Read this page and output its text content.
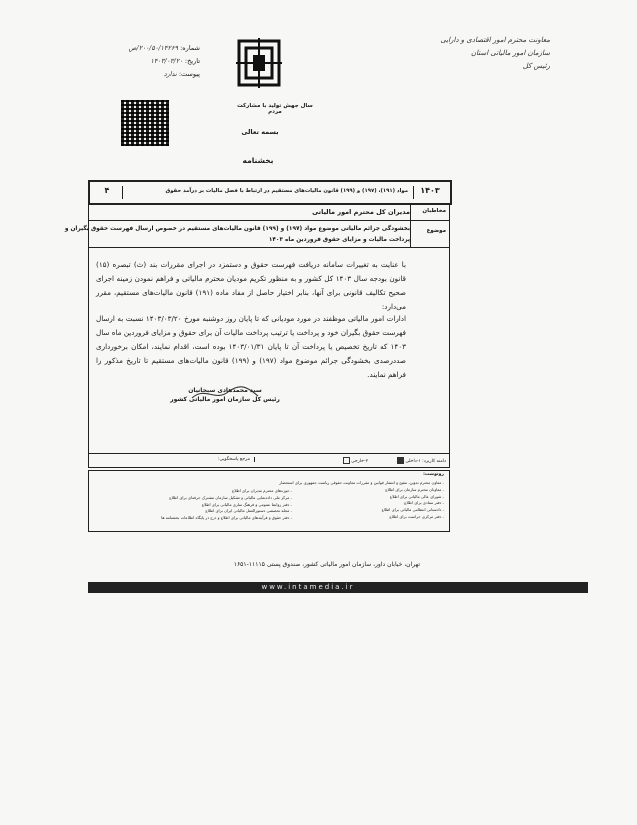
معاونت محترم امور اقتصادی و دارایی
سازمان امور مالیاتی استان
رئیس کل
شماره: ۲۰۰/۵۰/۱۴۲۶۹/ص
تاریخ: ۱۴۰۳/۰۳/۲۰
پیوست: ندارد
سال جهش تولید با مشارکت مردم
بسمه تعالی
بخشنامه
۱۴۰۳
مواد (۱۹۱)، (۱۹۷) و (۱۹۹) قانون مالیات‌های مستقیم در ارتباط با فصل مالیات بر درآمد حقوق
۴
مخاطبان
مدیران کل محترم امور مالیاتی
موضوع
بخشودگی جرائم مالیاتی موضوع مواد (۱۹۷) و (۱۹۹) قانون مالیات‌های مستقیم در خصوص ارسال فهرست حقوق بگیران و
پرداخت مالیات و مزایای حقوق فروردین ماه ۱۴۰۳
با عنایت به تغییرات سامانه دریافت فهرست حقوق و دستمزد در اجرای مقررات بند (ث) تبصره (۱۵) قانون بودجه سال ۱۴۰۳ کل کشور و به منظور تکریم مودیان محترم مالیاتی و فراهم نمودن زمینه اجرای صحیح تکالیف قانونی برای آنها، بنابر اختیار حاصل از مفاد ماده (۱۹۱) قانون مالیات‌های مستقیم، مقرر می‌دارد:
ادارات امور مالیاتی موظفند در مورد مودیانی که تا پایان روز دوشنبه مورخ ۱۴۰۳/۰۳/۲۰ نسبت به ارسال فهرست حقوق بگیران خود و پرداخت یا ترتیب پرداخت مالیات آن برای حقوق و مزایای فروردین ماه سال ۱۴۰۳ که تاریخ تخصیص یا پرداخت آن تا پایان ۱۴۰۳/۰۱/۳۱ بوده است، اقدام نمایند، امکان برخورداری صددرصدی بخشودگی جرائم موضوع مواد (۱۹۷) و (۱۹۹) قانون مالیات‌های مستقیم تا تاریخ مذکور را فراهم نمایند.
سید محمدهادی سبحانیان
رئیس کل سازمان امور مالیاتی کشور
دامنه کاربرد: ۱-داخلی
۲-خارجی
مرجع پاسخگویی:
رونوشت:
- معاون محترم تدوین، تنقیح و انتشار قوانین و مقررات معاونت حقوقی ریاست جمهوری برای استحضار
- معاونان محترم سازمان برای اطلاع
- شورای عالی مالیاتی برای اطلاع
- دفتر ستادی برای اطلاع
- دادستانی انتظامی مالیاتی برای اطلاع
- دفتر مرکزی حراست برای اطلاع
- حوزه‌های محترم مدیران برای اطلاع
- مرکز ملی داده‌نمایی مالیاتی و تشکیل سازمان مشترک حرفه‌ای برای اطلاع
- دفتر روابط عمومی و فرهنگ سازی مالیاتی برای اطلاع
- مجله تخصصی دستورالعمل مالیاتی ایران برای اطلاع
- دفتر حقوق و فرآیندهای مالیاتی برای اطلاع و درج در پایگاه اطلاعات بخشنامه ها
تهران، خیابان داور، سازمان امور مالیاتی کشور، صندوق پستی ۱۱۱۱۵-۱۶۵۱
www.intamedia.ir
